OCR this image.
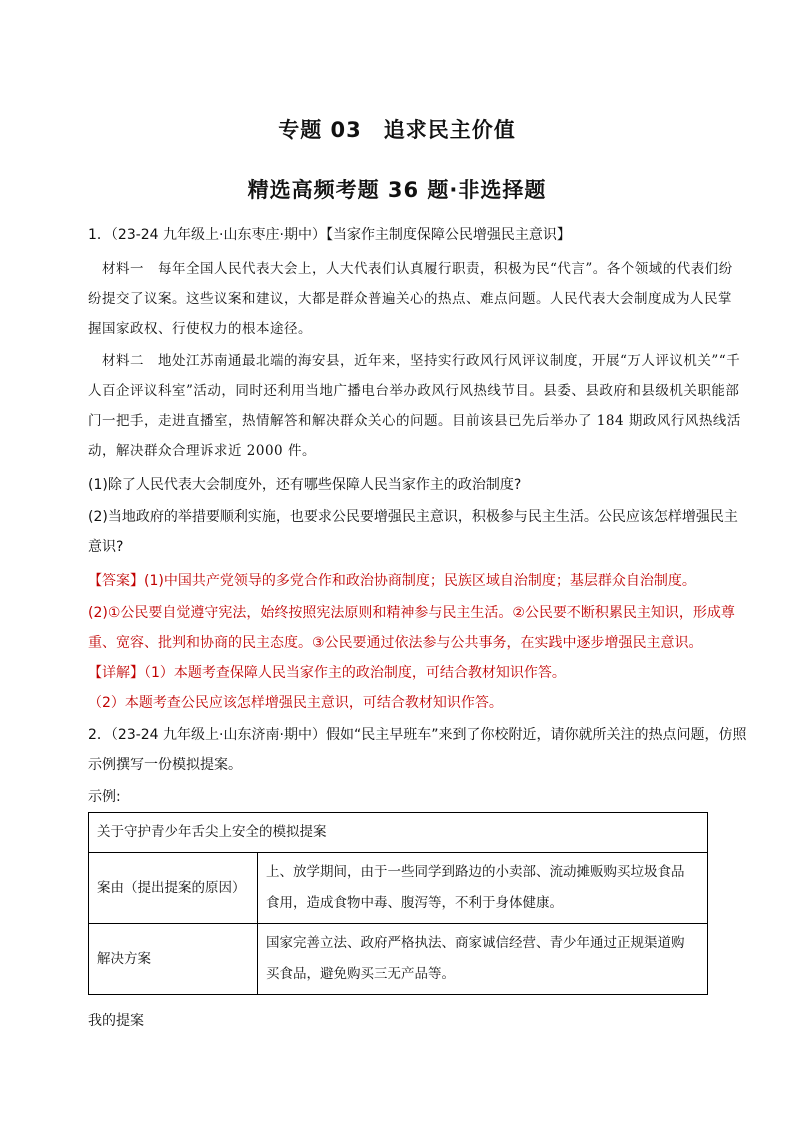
专题 03　追求民主价值
精选高频考题 36 题·非选择题
1．（23-24 九年级上·山东枣庄·期中）【当家作主制度保障公民增强民主意识】
材料一　每年全国人民代表大会上，人大代表们认真履行职责，积极为民“代言”。各个领域的代表们纷
纷提交了议案。这些议案和建议，大都是群众普遍关心的热点、难点问题。人民代表大会制度成为人民掌
握国家政权、行使权力的根本途径。
材料二　地处江苏南通最北端的海安县，近年来，坚持实行政风行风评议制度，开展“万人评议机关”“千
人百企评议科室”活动，同时还利用当地广播电台举办政风行风热线节目。县委、县政府和县级机关职能部
门一把手，走进直播室，热情解答和解决群众关心的问题。目前该县已先后举办了 184 期政风行风热线活
动，解决群众合理诉求近 2000 件。
(1)除了人民代表大会制度外，还有哪些保障人民当家作主的政治制度?
(2)当地政府的举措要顺利实施，也要求公民要增强民主意识，积极参与民主生活。公民应该怎样增强民主
意识?
【答案】(1)中国共产党领导的多党合作和政治协商制度；民族区域自治制度；基层群众自治制度。
(2)①公民要自觉遵守宪法，始终按照宪法原则和精神参与民主生活。②公民要不断积累民主知识，形成尊
重、宽容、批判和协商的民主态度。③公民要通过依法参与公共事务，在实践中逐步增强民主意识。
【详解】（1）本题考查保障人民当家作主的政治制度，可结合教材知识作答。
（2）本题考查公民应该怎样增强民主意识，可结合教材知识作答。
2．（23-24 九年级上·山东济南·期中）假如“民主早班车”来到了你校附近，请你就所关注的热点问题，仿照
示例撰写一份模拟提案。
示例:
关于守护青少年舌尖上安全的模拟提案	
案由（提出提案的原因）	上、放学期间，由于一些同学到路边的小卖部、流动摊贩购买垃圾食品
食用，造成食物中毒、腹泻等，不利于身体健康。

解决方案	国家完善立法、政府严格执法、商家诚信经营、青少年通过正规渠道购
买食品，避免购买三无产品等。
我的提案
